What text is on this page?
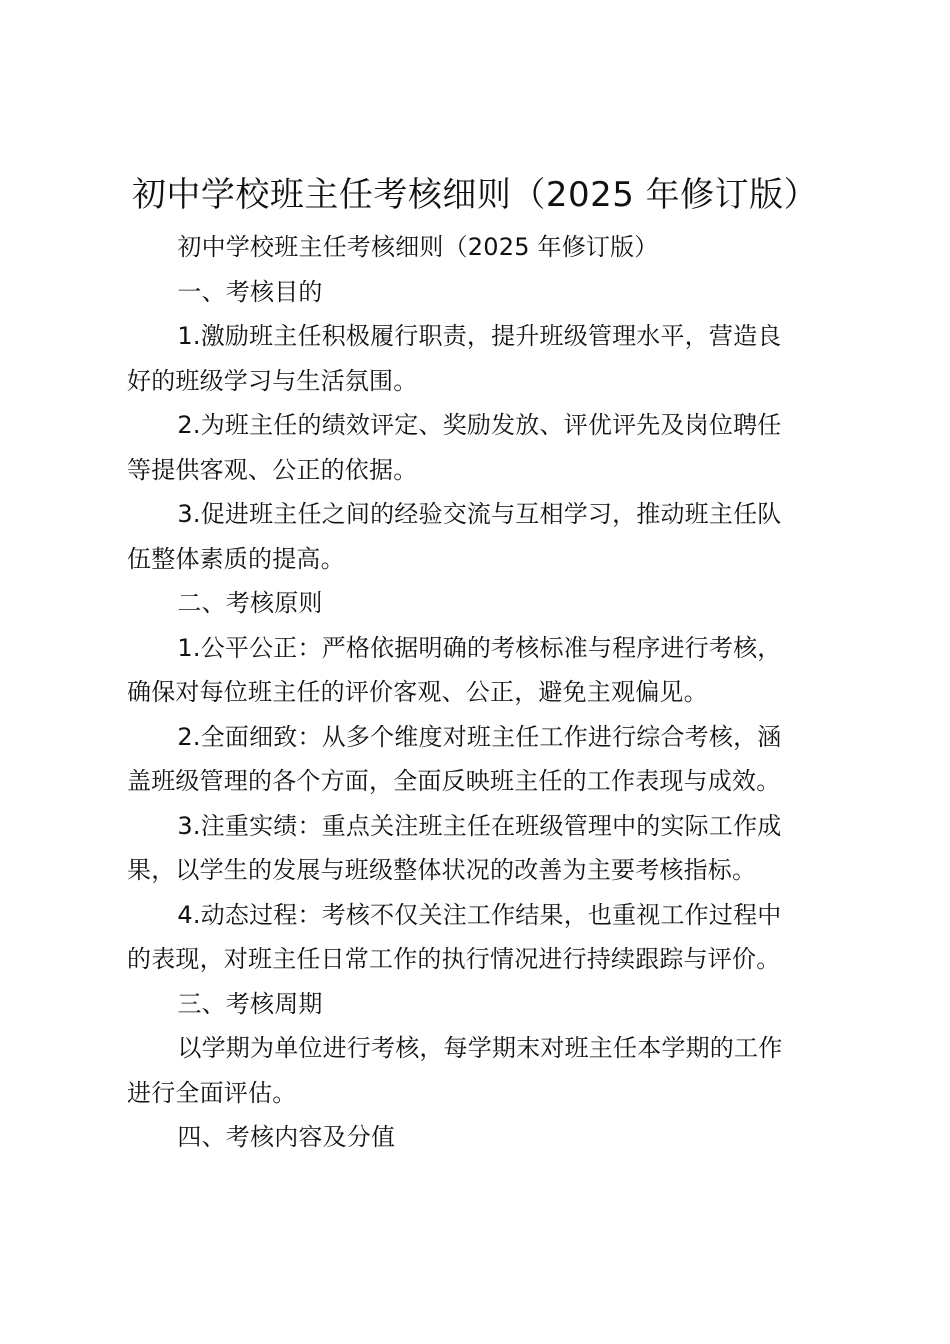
初中学校班主任考核细则（2025 年修订版）

初中学校班主任考核细则（2025 年修订版）

一、考核目的

1.激励班主任积极履行职责，提升班级管理水平，营造良
好的班级学习与生活氛围。

2.为班主任的绩效评定、奖励发放、评优评先及岗位聘任
等提供客观、公正的依据。

3.促进班主任之间的经验交流与互相学习，推动班主任队
伍整体素质的提高。

二、考核原则

1.公平公正：严格依据明确的考核标准与程序进行考核，
确保对每位班主任的评价客观、公正，避免主观偏见。

2.全面细致：从多个维度对班主任工作进行综合考核，涵
盖班级管理的各个方面，全面反映班主任的工作表现与成效。

3.注重实绩：重点关注班主任在班级管理中的实际工作成
果，以学生的发展与班级整体状况的改善为主要考核指标。

4.动态过程：考核不仅关注工作结果，也重视工作过程中
的表现，对班主任日常工作的执行情况进行持续跟踪与评价。

三、考核周期

以学期为单位进行考核，每学期末对班主任本学期的工作
进行全面评估。

四、考核内容及分值
